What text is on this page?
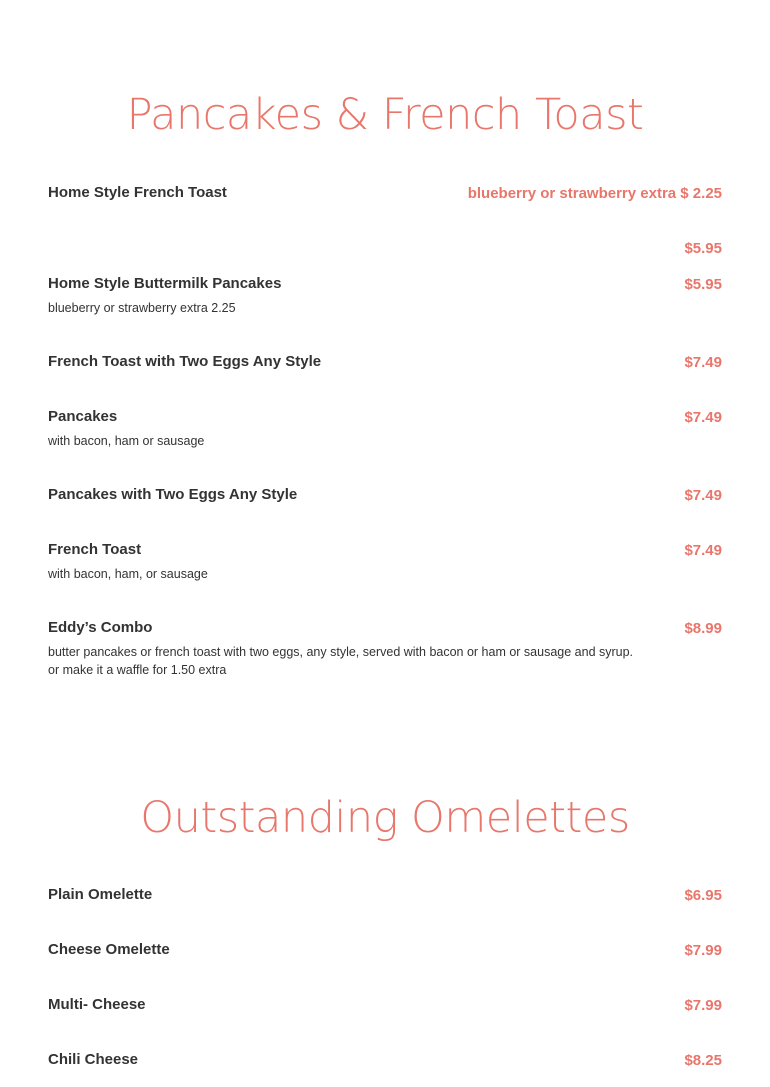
Pancakes & French Toast
Home Style French Toast	blueberry or strawberry extra $ 2.25
$5.95
Home Style Buttermilk Pancakes	$5.95
blueberry or strawberry extra 2.25
French Toast with Two Eggs Any Style	$7.49
Pancakes	$7.49
with bacon, ham or sausage
Pancakes with Two Eggs Any Style	$7.49
French Toast	$7.49
with bacon, ham, or sausage
Eddy’s Combo	$8.99
butter pancakes or french toast with two eggs, any style, served with bacon or ham or sausage and syrup.
or make it a waffle for 1.50 extra
Outstanding Omelettes
Plain Omelette	$6.95
Cheese Omelette	$7.99
Multi- Cheese	$7.99
Chili Cheese	$8.25
